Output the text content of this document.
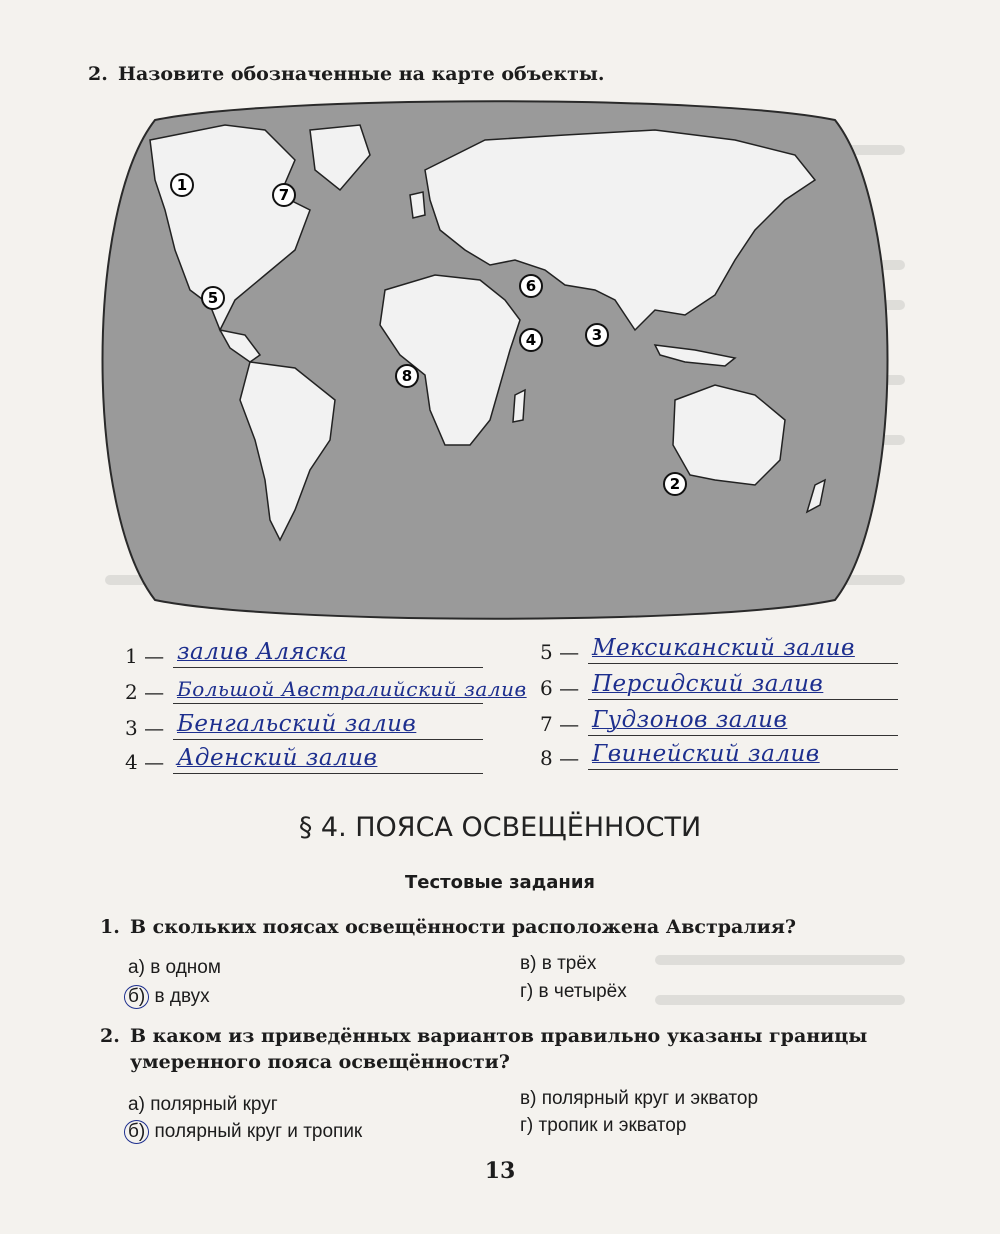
2. Назовите обозначенные на карте объекты.
1
2
3
4
5
6
7
8
1 — залив Аляска
2 — Большой Австралийский залив
3 — Бенгальский залив
4 — Аденский залив
5 — Мексиканский залив
6 — Персидский залив
7 — Гудзонов залив
8 — Гвинейский залив
§ 4. ПОЯСА ОСВЕЩЁННОСТИ
Тестовые задания
1. В скольких поясах освещённости расположена Австралия?
а) в одном
б) в двух
в) в трёх
г) в четырёх
2. В каком из приведённых вариантов правильно указаны границы
умеренного пояса освещённости?
а) полярный круг
б) полярный круг и тропик
в) полярный круг и экватор
г) тропик и экватор
13
